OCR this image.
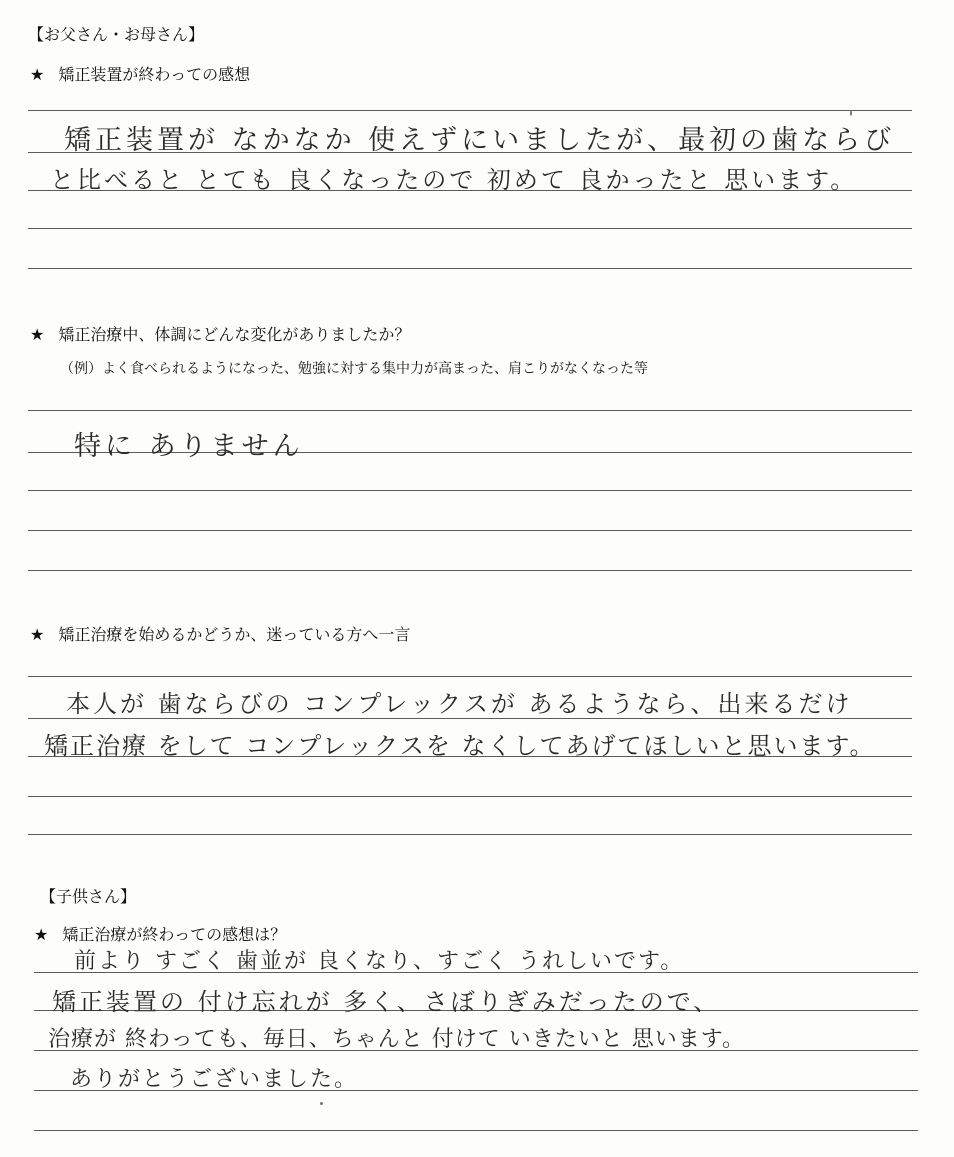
【お父さん・お母さん】
★ 矯正装置が終わっての感想
矯正装置が なかなか 使えずにいましたが、最初の歯ならび
と比べると とても 良くなったので 初めて 良かったと 思います。
★ 矯正治療中、体調にどんな変化がありましたか？
（例）よく食べられるようになった、勉強に対する集中力が高まった、肩こりがなくなった等
特に ありません
★ 矯正治療を始めるかどうか、迷っている方へ一言
本人が 歯ならびの コンプレックスが あるようなら、出来るだけ
矯正治療 をして コンプレックスを なくしてあげてほしいと思います。
【子供さん】
★ 矯正治療が終わっての感想は？
前より すごく 歯並が 良くなり、すごく うれしいです。
矯正装置の 付け忘れが 多く、さぼりぎみだったので、
治療が 終わっても、毎日、ちゃんと 付けて いきたいと 思います。
ありがとうございました。
